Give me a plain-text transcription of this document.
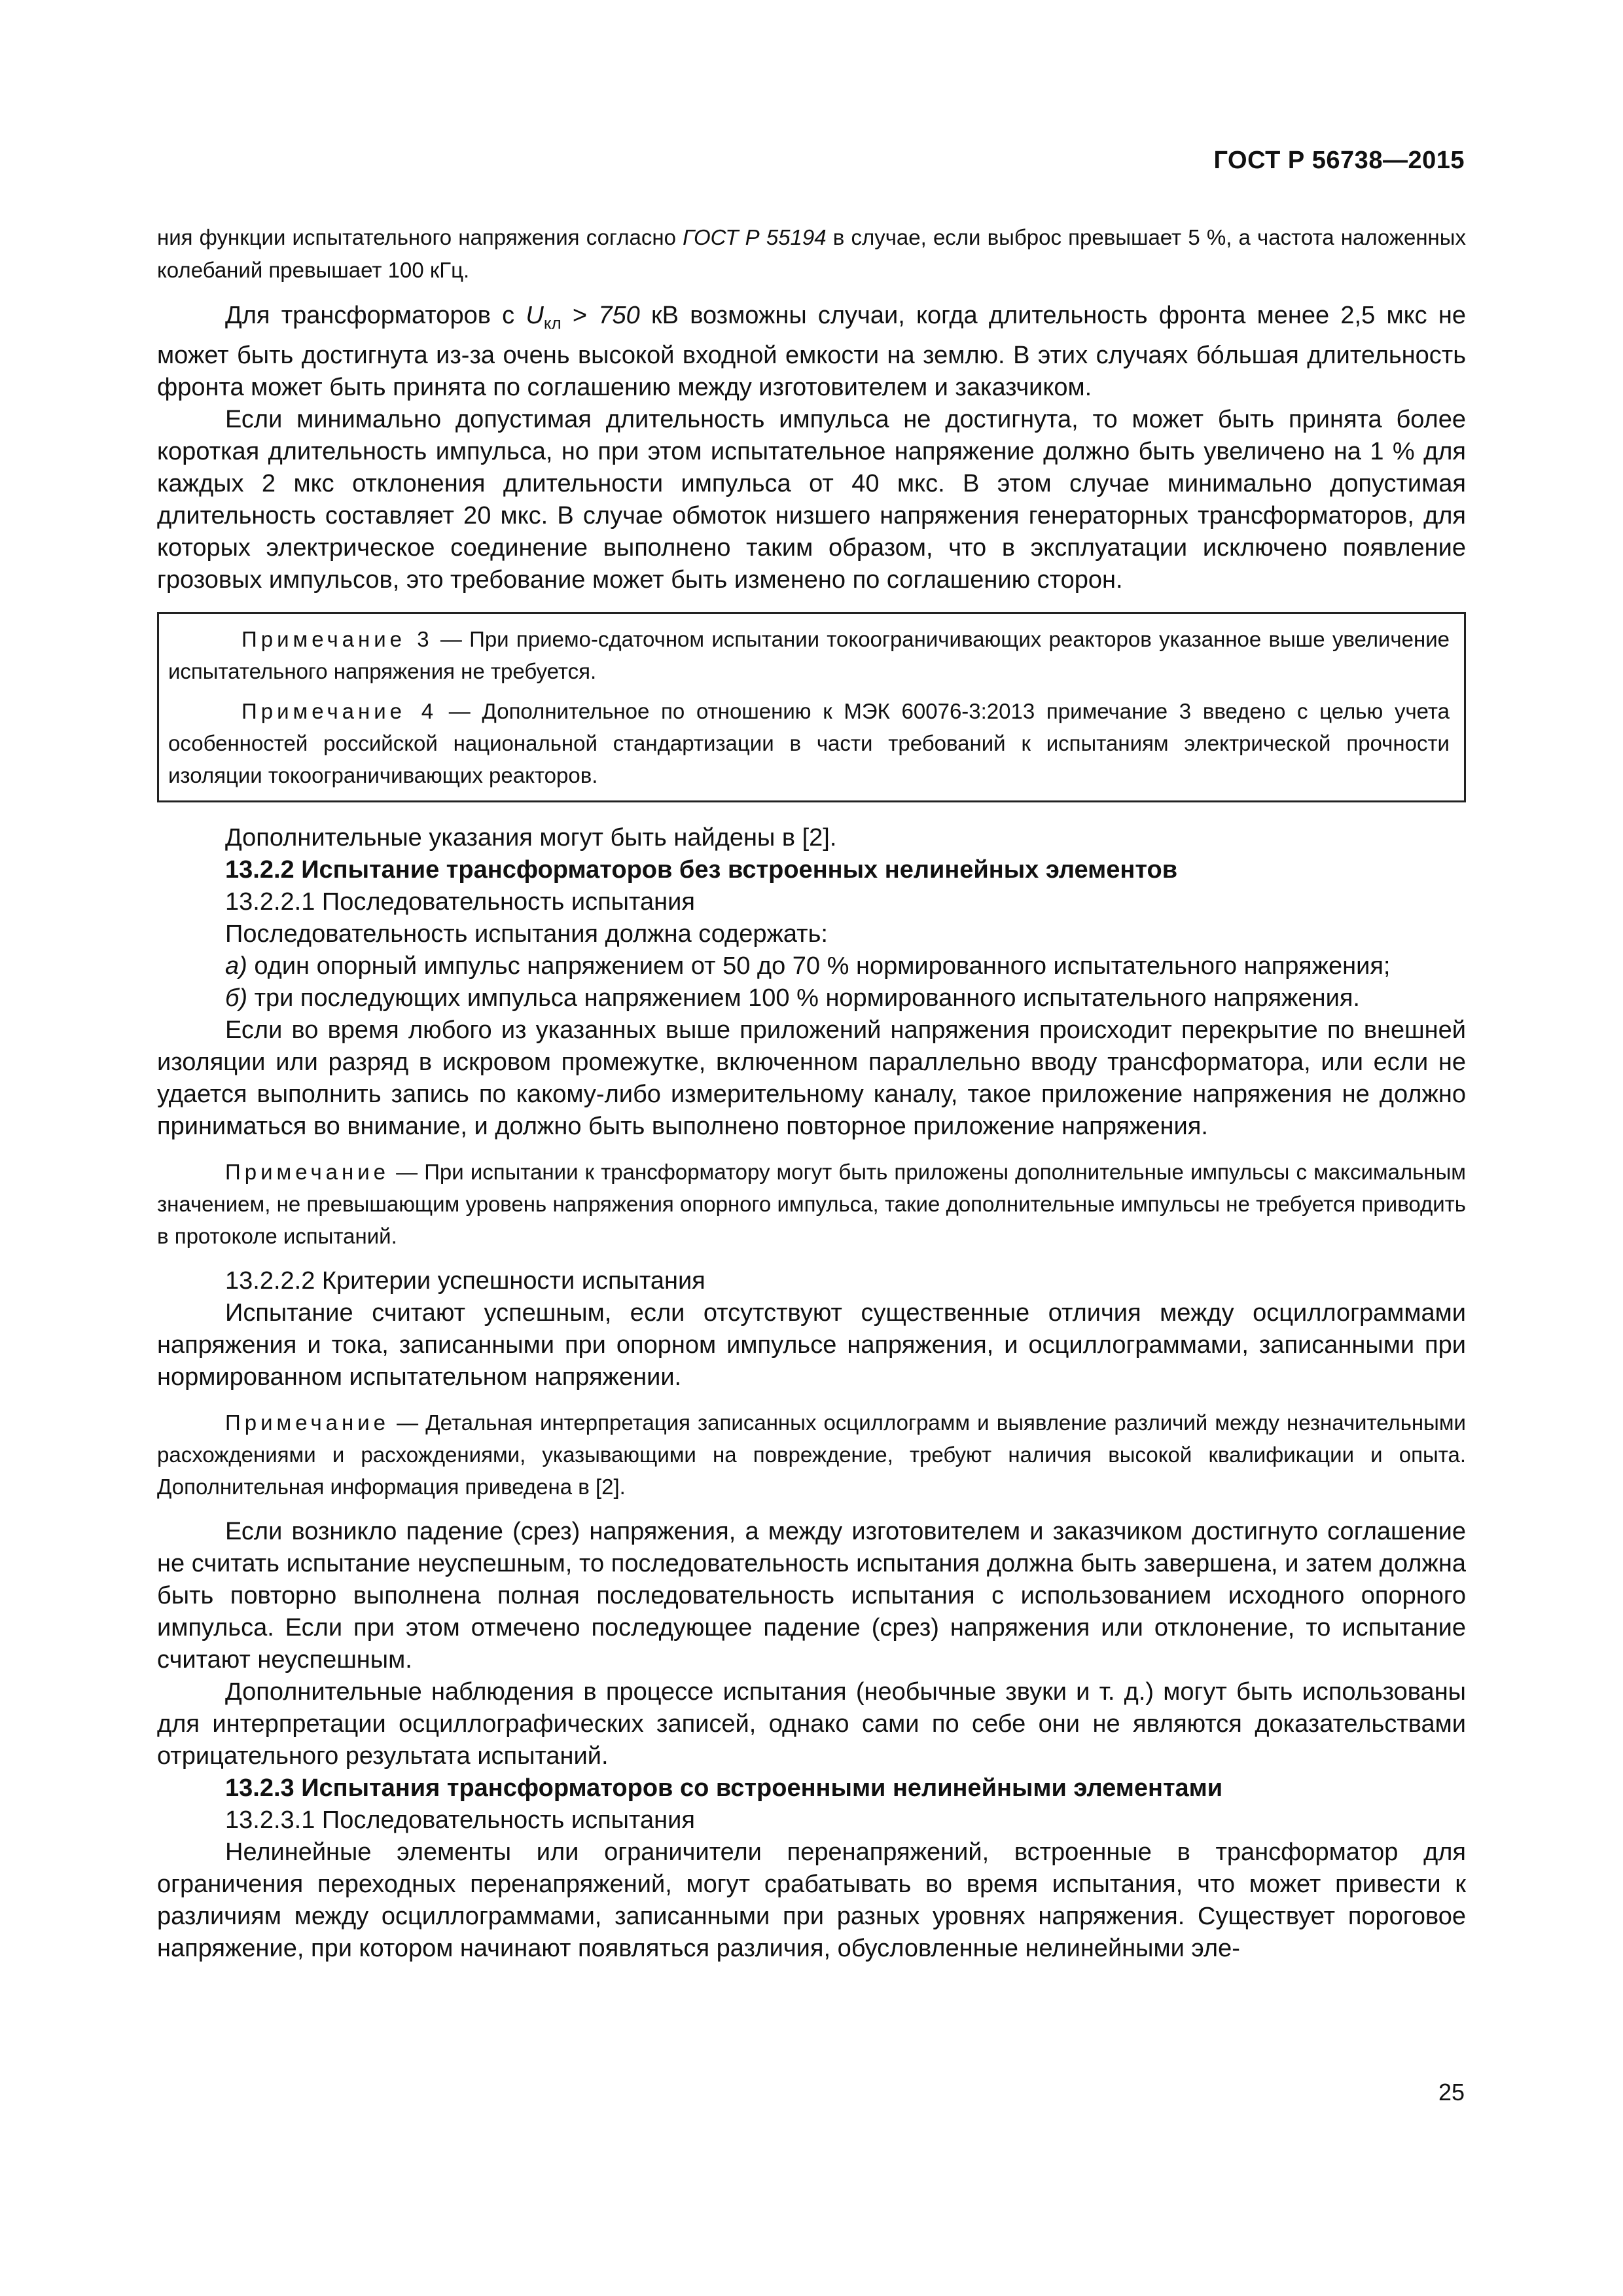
ГОСТ Р 56738—2015

ния функции испытательного напряжения согласно ГОСТ Р 55194 в случае, если выброс превышает 5 %, а частота наложенных колебаний превышает 100 кГц.

Для трансформаторов с $U_{кл} > 750$ кВ возможны случаи, когда длительность фронта менее 2,5 мкс не может быть достигнута из-за очень высокой входной емкости на землю. В этих случаях бóльшая длительность фронта может быть принята по соглашению между изготовителем и заказчиком.

Если минимально допустимая длительность импульса не достигнута, то может быть принята более короткая длительность импульса, но при этом испытательное напряжение должно быть увеличено на 1 % для каждых 2 мкс отклонения длительности импульса от 40 мкс. В этом случае минимально допустимая длительность составляет 20 мкс. В случае обмоток низшего напряжения генераторных трансформаторов, для которых электрическое соединение выполнено таким образом, что в эксплуатации исключено появление грозовых импульсов, это требование может быть изменено по соглашению сторон.

Примечание 3 — При приемо-сдаточном испытании токоограничивающих реакторов указанное выше увеличение испытательного напряжения не требуется.

Примечание 4 — Дополнительное по отношению к МЭК 60076-3:2013 примечание 3 введено с целью учета особенностей российской национальной стандартизации в части требований к испытаниям электрической прочности изоляции токоограничивающих реакторов.

Дополнительные указания могут быть найдены в [2].

13.2.2 Испытание трансформаторов без встроенных нелинейных элементов

13.2.2.1 Последовательность испытания

Последовательность испытания должна содержать:

а) один опорный импульс напряжением от 50 до 70 % нормированного испытательного напряжения;

б) три последующих импульса напряжением 100 % нормированного испытательного напряжения.

Если во время любого из указанных выше приложений напряжения происходит перекрытие по внешней изоляции или разряд в искровом промежутке, включенном параллельно вводу трансформатора, или если не удается выполнить запись по какому-либо измерительному каналу, такое приложение напряжения не должно приниматься во внимание, и должно быть выполнено повторное приложение напряжения.

Примечание — При испытании к трансформатору могут быть приложены дополнительные импульсы с максимальным значением, не превышающим уровень напряжения опорного импульса, такие дополнительные импульсы не требуется приводить в протоколе испытаний.

13.2.2.2 Критерии успешности испытания

Испытание считают успешным, если отсутствуют существенные отличия между осциллограммами напряжения и тока, записанными при опорном импульсе напряжения, и осциллограммами, записанными при нормированном испытательном напряжении.

Примечание — Детальная интерпретация записанных осциллограмм и выявление различий между незначительными расхождениями и расхождениями, указывающими на повреждение, требуют наличия высокой квалификации и опыта. Дополнительная информация приведена в [2].

Если возникло падение (срез) напряжения, а между изготовителем и заказчиком достигнуто соглашение не считать испытание неуспешным, то последовательность испытания должна быть завершена, и затем должна быть повторно выполнена полная последовательность испытания с использованием исходного опорного импульса. Если при этом отмечено последующее падение (срез) напряжения или отклонение, то испытание считают неуспешным.

Дополнительные наблюдения в процессе испытания (необычные звуки и т. д.) могут быть использованы для интерпретации осциллографических записей, однако сами по себе они не являются доказательствами отрицательного результата испытаний.

13.2.3 Испытания трансформаторов со встроенными нелинейными элементами

13.2.3.1 Последовательность испытания

Нелинейные элементы или ограничители перенапряжений, встроенные в трансформатор для ограничения переходных перенапряжений, могут срабатывать во время испытания, что может привести к различиям между осциллограммами, записанными при разных уровнях напряжения. Существует пороговое напряжение, при котором начинают появляться различия, обусловленные нелинейными эле-

25
